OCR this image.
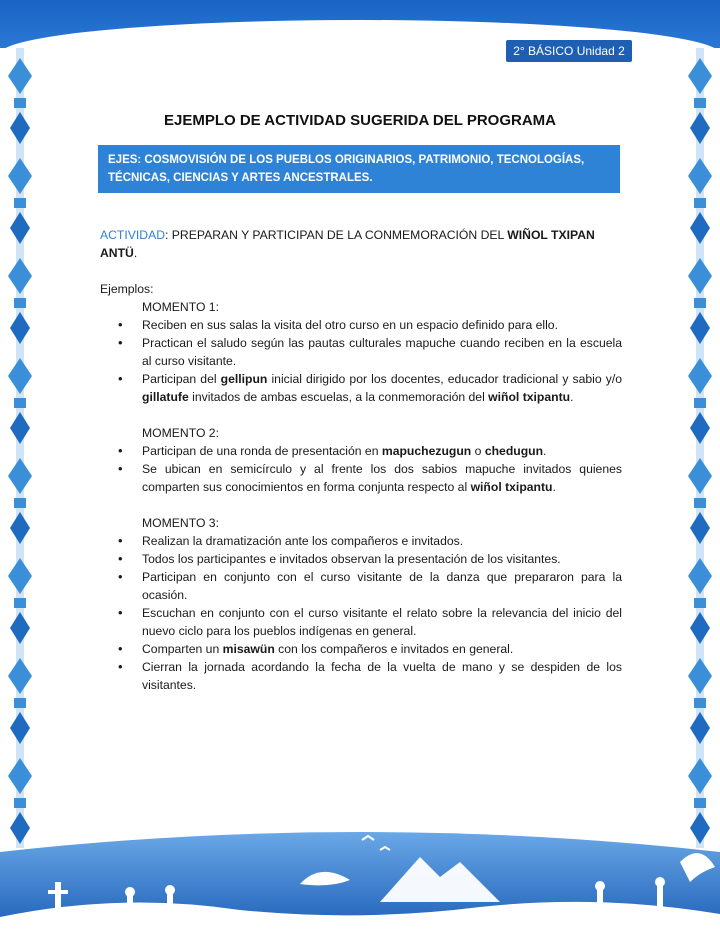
2° BÁSICO Unidad 2
EJEMPLO DE ACTIVIDAD SUGERIDA DEL PROGRAMA
EJES: COSMOVISIÓN DE LOS PUEBLOS ORIGINARIOS, PATRIMONIO, TECNOLOGÍAS,
TÉCNICAS, CIENCIAS Y ARTES ANCESTRALES.
ACTIVIDAD: PREPARAN Y PARTICIPAN DE LA CONMEMORACIÓN DEL WIÑOL TXIPAN ANTÜ.
Ejemplos:
MOMENTO 1:
• Reciben en sus salas la visita del otro curso en un espacio definido para ello.
• Practican el saludo según las pautas culturales mapuche cuando reciben en la escuela al curso visitante.
• Participan del gellipun inicial dirigido por los docentes, educador tradicional y sabio y/o gillatufe invitados de ambas escuelas, a la conmemoración del wiñol txipantu.
MOMENTO 2:
• Participan de una ronda de presentación en mapuchezugun o chedugun.
• Se ubican en semicírculo y al frente los dos sabios mapuche invitados quienes comparten sus conocimientos en forma conjunta respecto al wiñol txipantu.
MOMENTO 3:
• Realizan la dramatización ante los compañeros e invitados.
• Todos los participantes e invitados observan la presentación de los visitantes.
• Participan en conjunto con el curso visitante de la danza que prepararon para la ocasión.
• Escuchan en conjunto con el curso visitante el relato sobre la relevancia del inicio del nuevo ciclo para los pueblos indígenas en general.
• Comparten un misawün con los compañeros e invitados en general.
• Cierran la jornada acordando la fecha de la vuelta de mano y se despiden de los visitantes.
